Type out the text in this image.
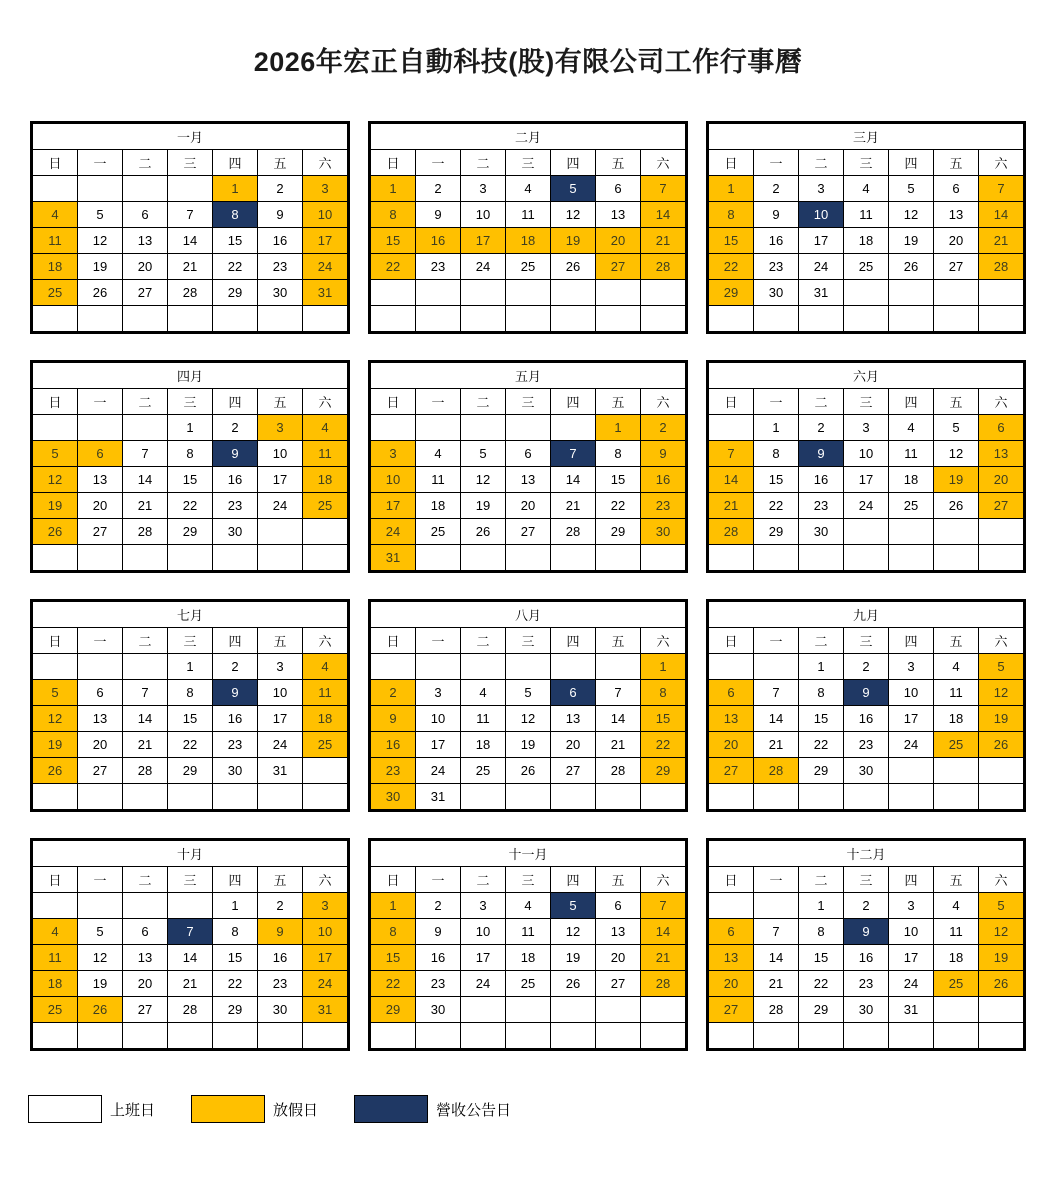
2026年宏正自動科技(股)有限公司工作行事曆
一月						
日	一	二	三	四	五	六
				1	2	3
4	5	6	7	8	9	10
11	12	13	14	15	16	17
18	19	20	21	22	23	24
25	26	27	28	29	30	31

二月						
日	一	二	三	四	五	六
1	2	3	4	5	6	7
8	9	10	11	12	13	14
15	16	17	18	19	20	21
22	23	24	25	26	27	28

三月						
日	一	二	三	四	五	六
1	2	3	4	5	6	7
8	9	10	11	12	13	14
15	16	17	18	19	20	21
22	23	24	25	26	27	28
29	30	31				

四月						
日	一	二	三	四	五	六
			1	2	3	4
5	6	7	8	9	10	11
12	13	14	15	16	17	18
19	20	21	22	23	24	25
26	27	28	29	30		

五月						
日	一	二	三	四	五	六
					1	2
3	4	5	6	7	8	9
10	11	12	13	14	15	16
17	18	19	20	21	22	23
24	25	26	27	28	29	30
31						
六月						
日	一	二	三	四	五	六
	1	2	3	4	5	6
7	8	9	10	11	12	13
14	15	16	17	18	19	20
21	22	23	24	25	26	27
28	29	30				

七月						
日	一	二	三	四	五	六
			1	2	3	4
5	6	7	8	9	10	11
12	13	14	15	16	17	18
19	20	21	22	23	24	25
26	27	28	29	30	31	

八月						
日	一	二	三	四	五	六
						1
2	3	4	5	6	7	8
9	10	11	12	13	14	15
16	17	18	19	20	21	22
23	24	25	26	27	28	29
30	31					
九月						
日	一	二	三	四	五	六
		1	2	3	4	5
6	7	8	9	10	11	12
13	14	15	16	17	18	19
20	21	22	23	24	25	26
27	28	29	30			

十月						
日	一	二	三	四	五	六
				1	2	3
4	5	6	7	8	9	10
11	12	13	14	15	16	17
18	19	20	21	22	23	24
25	26	27	28	29	30	31

十一月						
日	一	二	三	四	五	六
1	2	3	4	5	6	7
8	9	10	11	12	13	14
15	16	17	18	19	20	21
22	23	24	25	26	27	28
29	30					

十二月						
日	一	二	三	四	五	六
		1	2	3	4	5
6	7	8	9	10	11	12
13	14	15	16	17	18	19
20	21	22	23	24	25	26
27	28	29	30	31		

上班日	放假日	營收公告日
